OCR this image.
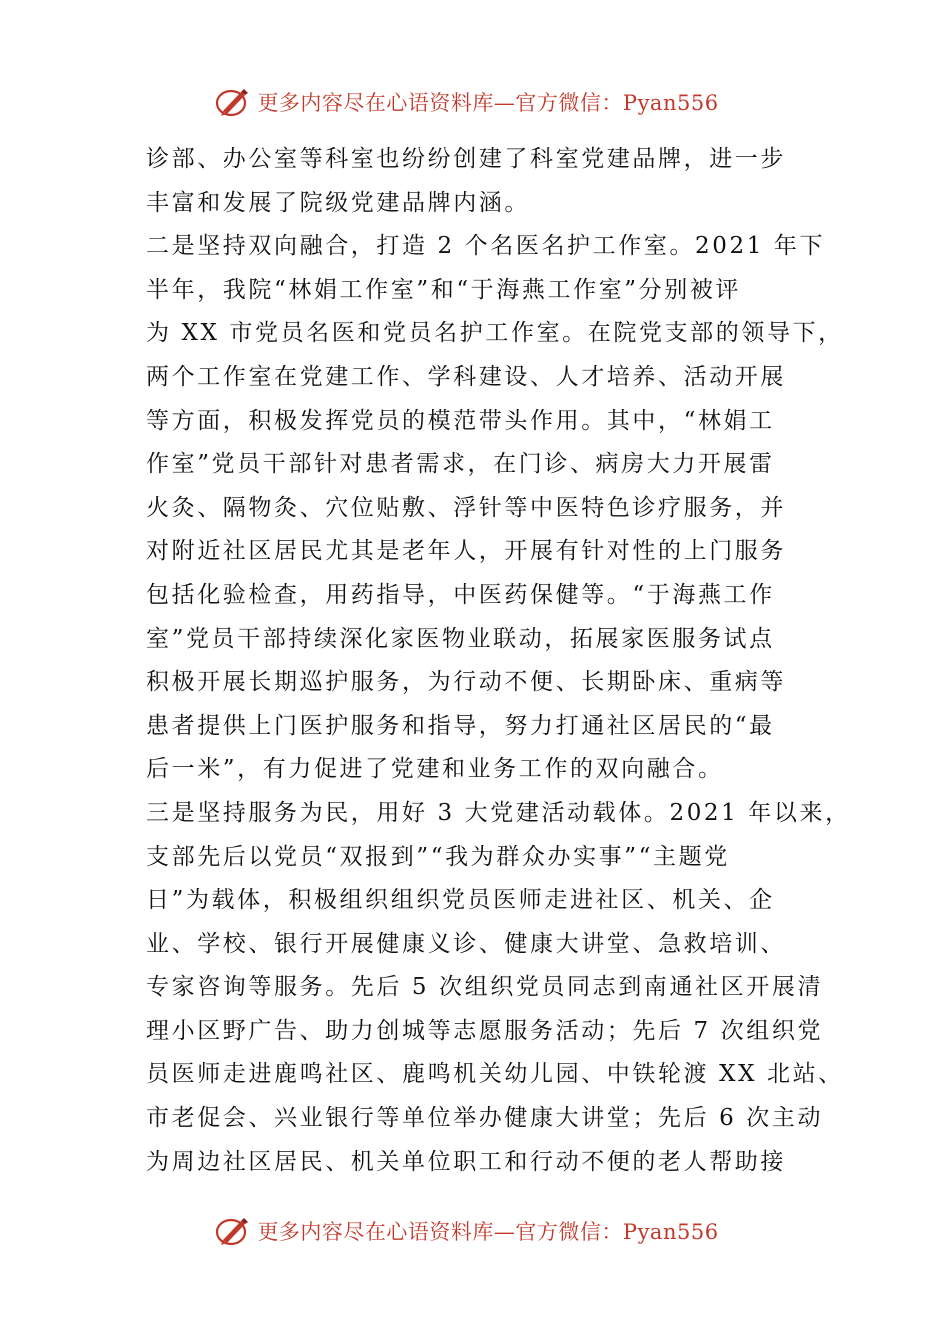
更多内容尽在心语资料库—官方微信：Pyan556
诊部、办公室等科室也纷纷创建了科室党建品牌，进一步
丰富和发展了院级党建品牌内涵。
二是坚持双向融合，打造 2 个名医名护工作室。2021 年下
半年，我院“林娟工作室”和“于海燕工作室”分别被评
为 XX 市党员名医和党员名护工作室。在院党支部的领导下，
两个工作室在党建工作、学科建设、人才培养、活动开展
等方面，积极发挥党员的模范带头作用。其中，“林娟工
作室”党员干部针对患者需求，在门诊、病房大力开展雷
火灸、隔物灸、穴位贴敷、浮针等中医特色诊疗服务，并
对附近社区居民尤其是老年人，开展有针对性的上门服务
包括化验检查，用药指导，中医药保健等。“于海燕工作
室”党员干部持续深化家医物业联动，拓展家医服务试点
积极开展长期巡护服务，为行动不便、长期卧床、重病等
患者提供上门医护服务和指导，努力打通社区居民的“最
后一米”，有力促进了党建和业务工作的双向融合。
三是坚持服务为民，用好 3 大党建活动载体。2021 年以来，
支部先后以党员“双报到”“我为群众办实事”“主题党
日”为载体，积极组织组织党员医师走进社区、机关、企
业、学校、银行开展健康义诊、健康大讲堂、急救培训、
专家咨询等服务。先后 5 次组织党员同志到南通社区开展清
理小区野广告、助力创城等志愿服务活动；先后 7 次组织党
员医师走进鹿鸣社区、鹿鸣机关幼儿园、中铁轮渡 XX 北站、
市老促会、兴业银行等单位举办健康大讲堂；先后 6 次主动
为周边社区居民、机关单位职工和行动不便的老人帮助接
更多内容尽在心语资料库—官方微信：Pyan556
